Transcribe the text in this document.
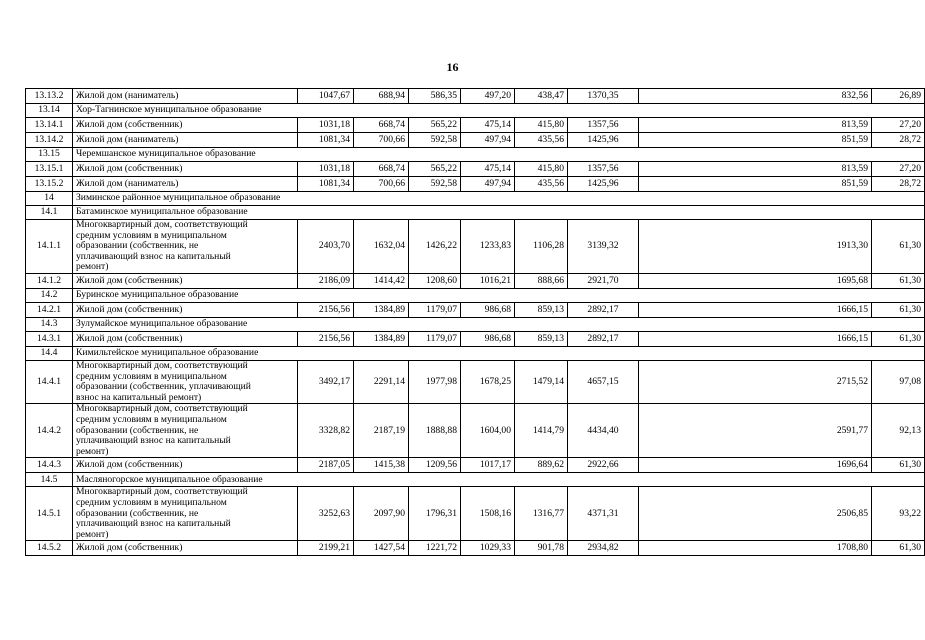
16
13.13.2	Жилой дом (наниматель)	1047,67	688,94	586,35	497,20	438,47	1370,35	832,56	26,89
13.14	Хор-Тагнинское муниципальное образование								
13.14.1	Жилой дом (собственник)	1031,18	668,74	565,22	475,14	415,80	1357,56	813,59	27,20
13.14.2	Жилой дом (наниматель)	1081,34	700,66	592,58	497,94	435,56	1425,96	851,59	28,72
13.15	Черемшанское муниципальное образование								
13.15.1	Жилой дом (собственник)	1031,18	668,74	565,22	475,14	415,80	1357,56	813,59	27,20
13.15.2	Жилой дом (наниматель)	1081,34	700,66	592,58	497,94	435,56	1425,96	851,59	28,72
14	Зиминское районное муниципальное образование								
14.1	Батаминское муниципальное образование								
14.1.1	Многоквартирный дом, соответствующий
средним условиям в муниципальном
образовании (собственник, не
уплачивающий взнос на капитальный
ремонт)	2403,70	1632,04	1426,22	1233,83	1106,28	3139,32	1913,30	61,30
14.1.2	Жилой дом (собственник)	2186,09	1414,42	1208,60	1016,21	888,66	2921,70	1695,68	61,30
14.2	Буринское муниципальное образование								
14.2.1	Жилой дом (собственник)	2156,56	1384,89	1179,07	986,68	859,13	2892,17	1666,15	61,30
14.3	Зулумайское муниципальное образование								
14.3.1	Жилой дом (собственник)	2156,56	1384,89	1179,07	986,68	859,13	2892,17	1666,15	61,30
14.4	Кимильтейское муниципальное образование								
14.4.1	Многоквартирный дом, соответствующий
средним условиям в муниципальном
образовании (собственник, уплачивающий
взнос на капитальный ремонт)	3492,17	2291,14	1977,98	1678,25	1479,14	4657,15	2715,52	97,08
14.4.2	Многоквартирный дом, соответствующий
средним условиям в муниципальном
образовании (собственник, не
уплачивающий взнос на капитальный
ремонт)	3328,82	2187,19	1888,88	1604,00	1414,79	4434,40	2591,77	92,13
14.4.3	Жилой дом (собственник)	2187,05	1415,38	1209,56	1017,17	889,62	2922,66	1696,64	61,30
14.5	Масляногорское муниципальное образование								
14.5.1	Многоквартирный дом, соответствующий
средним условиям в муниципальном
образовании (собственник, не
уплачивающий взнос на капитальный
ремонт)	3252,63	2097,90	1796,31	1508,16	1316,77	4371,31	2506,85	93,22
14.5.2	Жилой дом (собственник)	2199,21	1427,54	1221,72	1029,33	901,78	2934,82	1708,80	61,30
